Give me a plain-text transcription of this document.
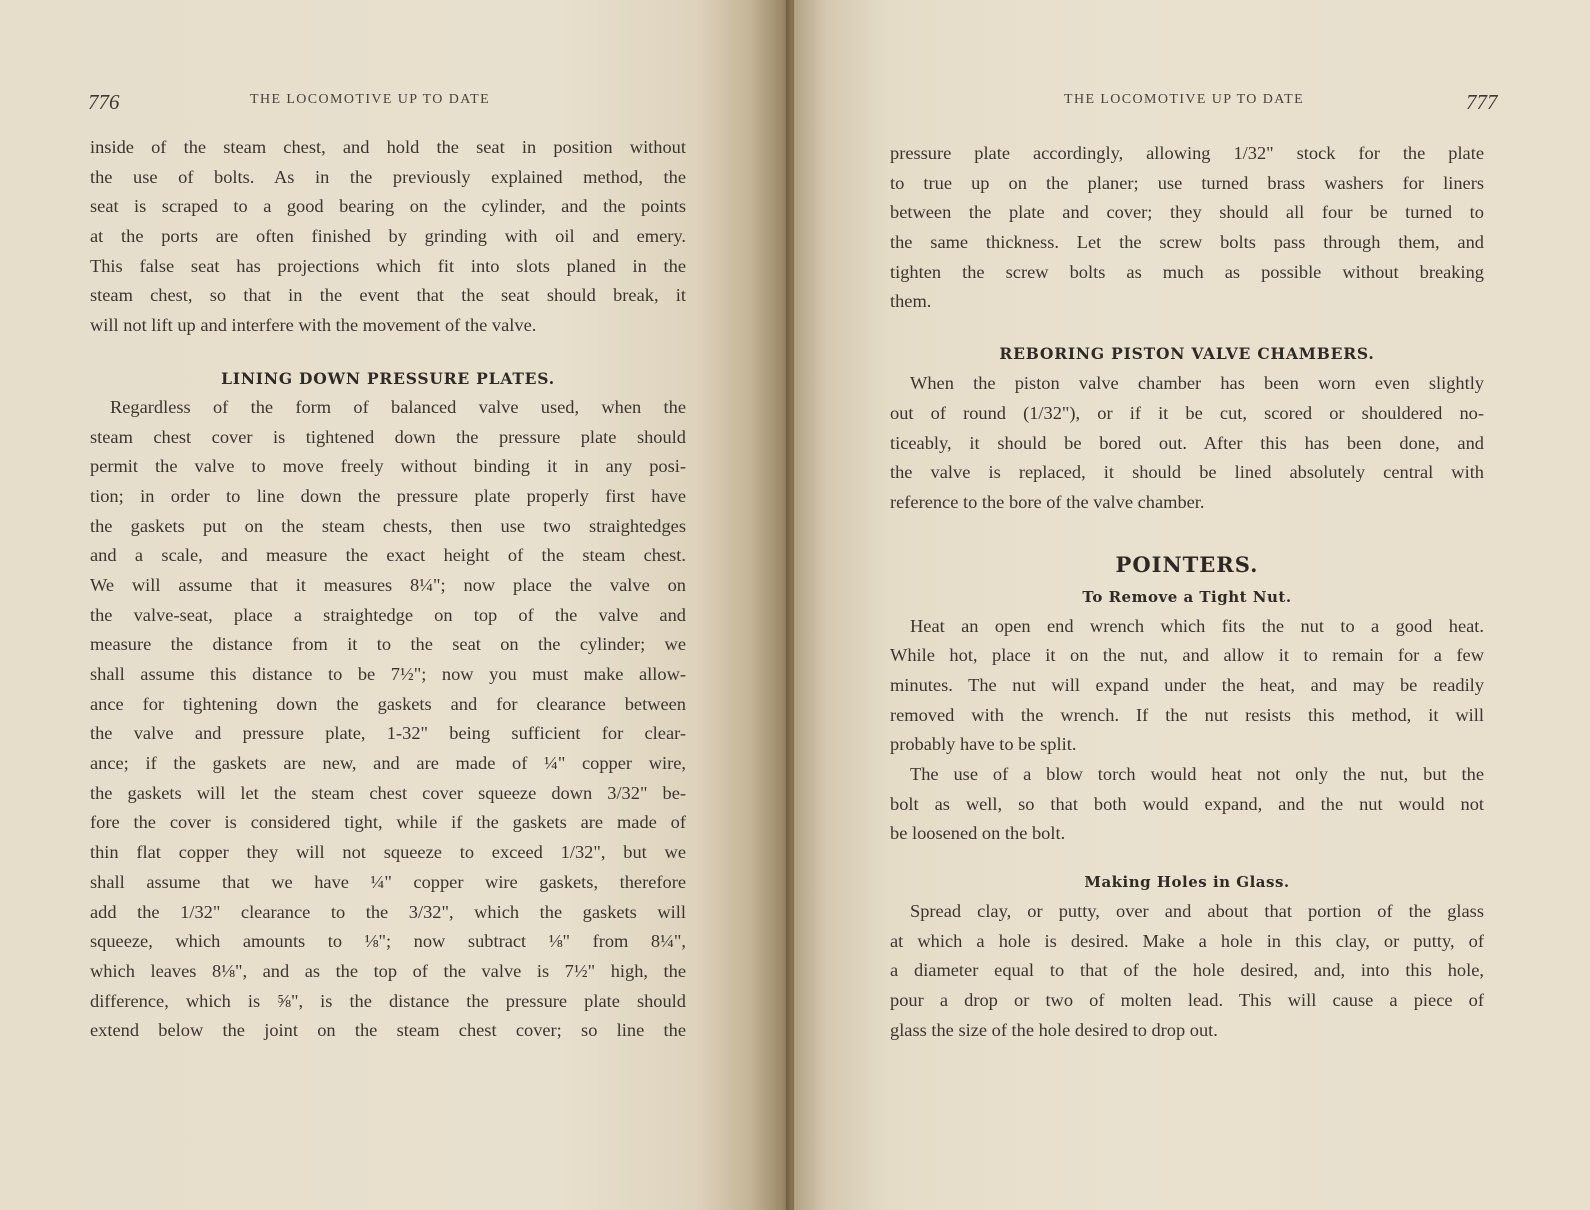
776	THE LOCOMOTIVE UP TO DATE
inside of the steam chest, and hold the seat in position without
the use of bolts. As in the previously explained method, the
seat is scraped to a good bearing on the cylinder, and the points
at the ports are often finished by grinding with oil and emery.
This false seat has projections which fit into slots planed in the
steam chest, so that in the event that the seat should break, it
will not lift up and interfere with the movement of the valve.
LINING DOWN PRESSURE PLATES.
Regardless of the form of balanced valve used, when the
steam chest cover is tightened down the pressure plate should
permit the valve to move freely without binding it in any posi-
tion; in order to line down the pressure plate properly first have
the gaskets put on the steam chests, then use two straightedges
and a scale, and measure the exact height of the steam chest.
We will assume that it measures 8¼"; now place the valve on
the valve-seat, place a straightedge on top of the valve and
measure the distance from it to the seat on the cylinder; we
shall assume this distance to be 7½"; now you must make allow-
ance for tightening down the gaskets and for clearance between
the valve and pressure plate, 1-32" being sufficient for clear-
ance; if the gaskets are new, and are made of ¼" copper wire,
the gaskets will let the steam chest cover squeeze down 3/32" be-
fore the cover is considered tight, while if the gaskets are made of
thin flat copper they will not squeeze to exceed 1/32", but we
shall assume that we have ¼" copper wire gaskets, therefore
add the 1/32" clearance to the 3/32", which the gaskets will
squeeze, which amounts to ⅛"; now subtract ⅛" from 8¼",
which leaves 8⅛", and as the top of the valve is 7½" high, the
difference, which is ⅝", is the distance the pressure plate should
extend below the joint on the steam chest cover; so line the
THE LOCOMOTIVE UP TO DATE	777
pressure plate accordingly, allowing 1/32" stock for the plate
to true up on the planer; use turned brass washers for liners
between the plate and cover; they should all four be turned to
the same thickness. Let the screw bolts pass through them, and
tighten the screw bolts as much as possible without breaking
them.
REBORING PISTON VALVE CHAMBERS.
When the piston valve chamber has been worn even slightly
out of round (1/32"), or if it be cut, scored or shouldered no-
ticeably, it should be bored out. After this has been done, and
the valve is replaced, it should be lined absolutely central with
reference to the bore of the valve chamber.
POINTERS.
To Remove a Tight Nut.
Heat an open end wrench which fits the nut to a good heat.
While hot, place it on the nut, and allow it to remain for a few
minutes. The nut will expand under the heat, and may be readily
removed with the wrench. If the nut resists this method, it will
probably have to be split.
The use of a blow torch would heat not only the nut, but the
bolt as well, so that both would expand, and the nut would not
be loosened on the bolt.
Making Holes in Glass.
Spread clay, or putty, over and about that portion of the glass
at which a hole is desired. Make a hole in this clay, or putty, of
a diameter equal to that of the hole desired, and, into this hole,
pour a drop or two of molten lead. This will cause a piece of
glass the size of the hole desired to drop out.
